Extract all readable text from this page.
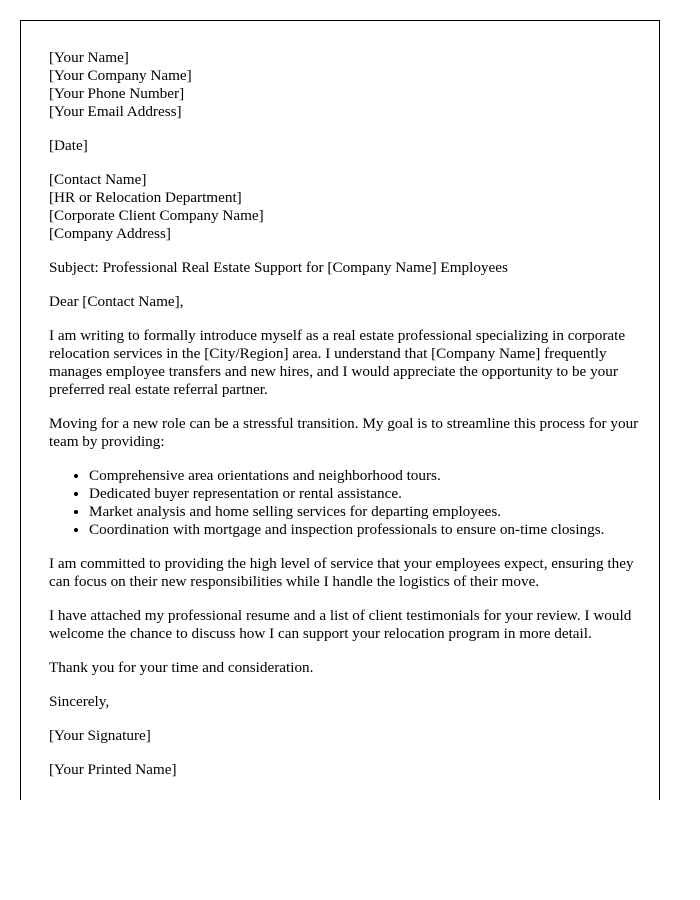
[Your Name]
[Your Company Name]
[Your Phone Number]
[Your Email Address]

[Date]

[Contact Name]
[HR or Relocation Department]
[Corporate Client Company Name]
[Company Address]

Subject: Professional Real Estate Support for [Company Name] Employees

Dear [Contact Name],

I am writing to formally introduce myself as a real estate professional specializing in corporate relocation services in the [City/Region] area. I understand that [Company Name] frequently manages employee transfers and new hires, and I would appreciate the opportunity to be your preferred real estate referral partner.

Moving for a new role can be a stressful transition. My goal is to streamline this process for your team by providing:

• Comprehensive area orientations and neighborhood tours.
• Dedicated buyer representation or rental assistance.
• Market analysis and home selling services for departing employees.
• Coordination with mortgage and inspection professionals to ensure on-time closings.

I am committed to providing the high level of service that your employees expect, ensuring they can focus on their new responsibilities while I handle the logistics of their move.

I have attached my professional resume and a list of client testimonials for your review. I would welcome the chance to discuss how I can support your relocation program in more detail.

Thank you for your time and consideration.

Sincerely,

[Your Signature]

[Your Printed Name]
